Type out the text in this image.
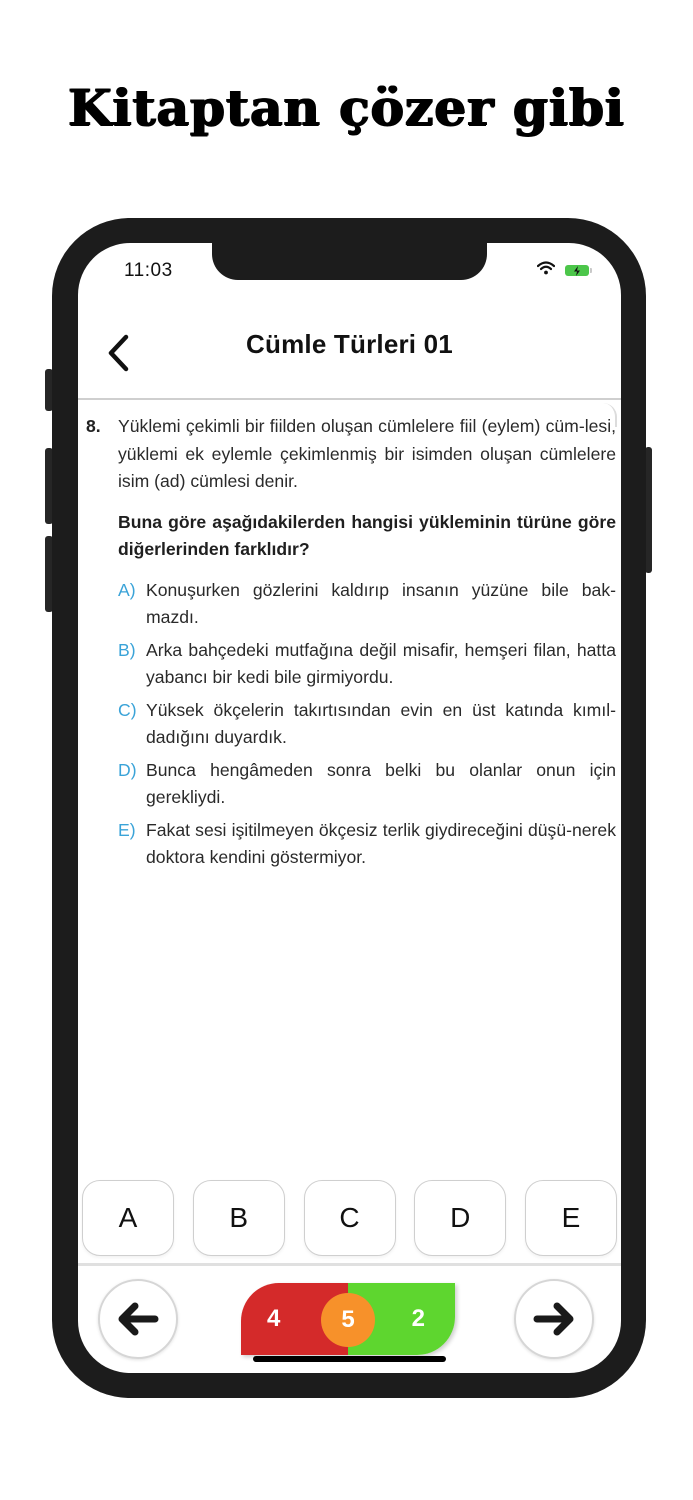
Kitaptan çözer gibi
11:03
Cümle Türleri 01
8. Yüklemi çekimli bir fiilden oluşan cümlelere fiil (eylem) cüm-lesi, yüklemi ek eylemle çekimlenmiş bir isimden oluşan cümlelere isim (ad) cümlesi denir.
Buna göre aşağıdakilerden hangisi yükleminin türüne göre diğerlerinden farklıdır?
A) Konuşurken gözlerini kaldırıp insanın yüzüne bile bak-mazdı.
B) Arka bahçedeki mutfağına değil misafir, hemşeri filan, hatta yabancı bir kedi bile girmiyordu.
C) Yüksek ökçelerin takırtısından evin en üst katında kımıl-dadığını duyardık.
D) Bunca hengâmeden sonra belki bu olanlar onun için gerekliydi.
E) Fakat sesi işitilmeyen ökçesiz terlik giydireceğini düşü-nerek doktora kendini göstermiyor.
A	B	C	D	E
4	2
5
